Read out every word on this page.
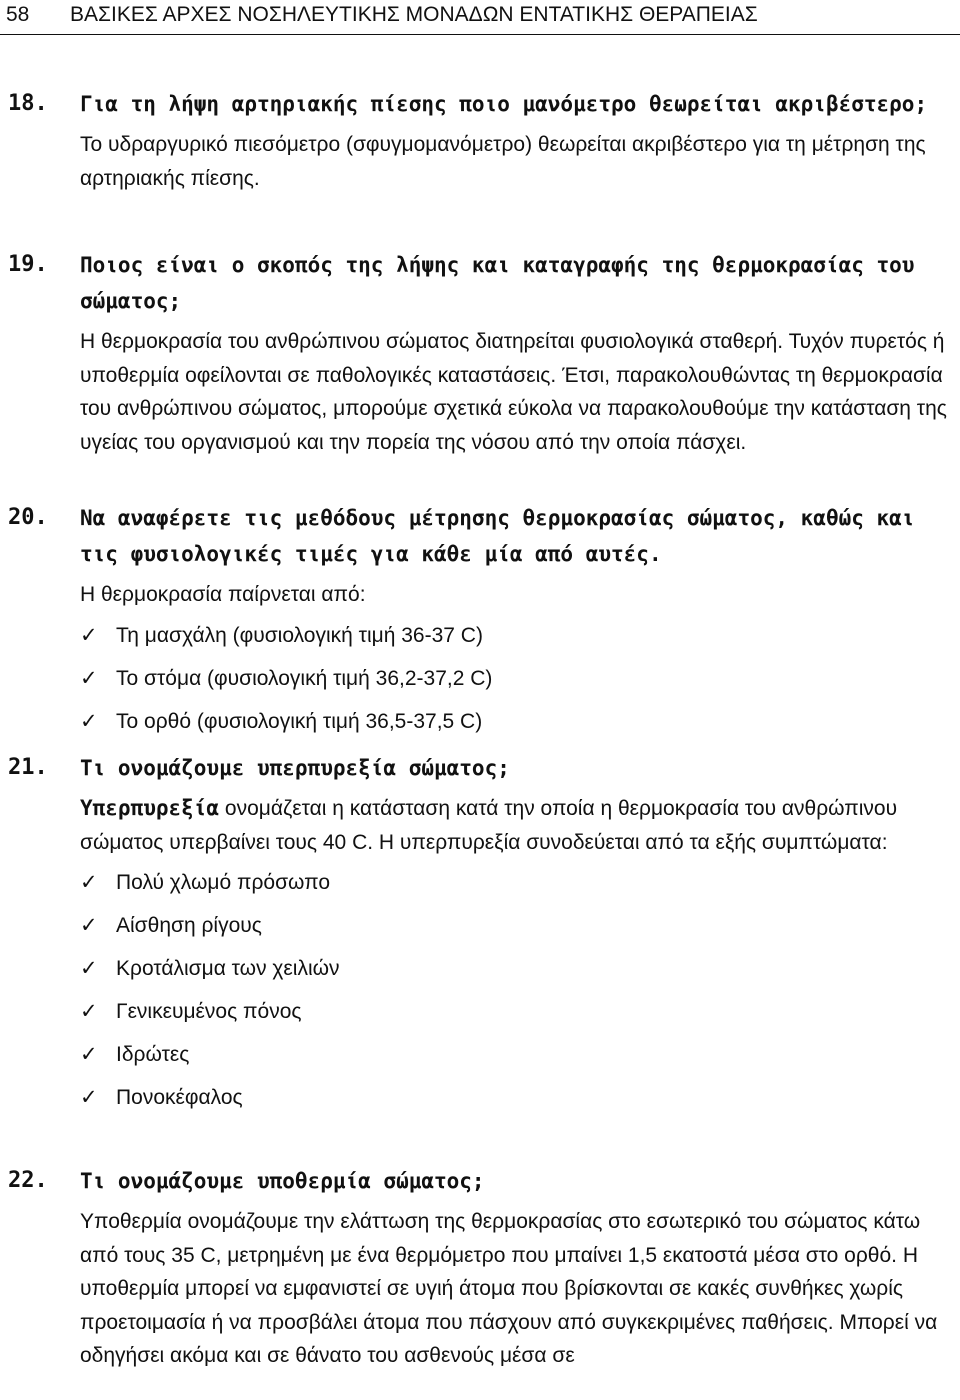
58 ΒΑΣΙΚΕΣ ΑΡΧΕΣ ΝΟΣΗΛΕΥΤΙΚΗΣ ΜΟΝΑΔΩΝ ΕΝΤΑΤΙΚΗΣ ΘΕΡΑΠΕΙΑΣ
18. Για τη λήψη αρτηριακής πίεσης ποιο μανόμετρο θεωρείται ακριβέστερο;
Το υδραργυρικό πιεσόμετρο (σφυγμομανόμετρο) θεωρείται ακριβέστερο για τη μέτρηση της αρτηριακής πίεσης.
19. Ποιος είναι ο σκοπός της λήψης και καταγραφής της θερμοκρασίας του σώματος;
Η θερμοκρασία του ανθρώπινου σώματος διατηρείται φυσιολογικά σταθερή. Τυχόν πυρετός ή υποθερμία οφείλονται σε παθολογικές καταστάσεις. Έτσι, παρακολουθώντας τη θερμοκρασία του ανθρώπινου σώματος, μπορούμε σχετικά εύκολα να παρακολουθούμε την κατάσταση της υγείας του οργανισμού και την πορεία της νόσου από την οποία πάσχει.
20. Να αναφέρετε τις μεθόδους μέτρησης θερμοκρασίας σώματος, καθώς και τις φυσιολογικές τιμές για κάθε μία από αυτές.
Η θερμοκρασία παίρνεται από:
✓ Τη μασχάλη (φυσιολογική τιμή 36-37 C)
✓ Το στόμα (φυσιολογική τιμή 36,2-37,2 C)
✓ Το ορθό (φυσιολογική τιμή 36,5-37,5 C)
21. Τι ονομάζουμε υπερπυρεξία σώματος;
Υπερπυρεξία ονομάζεται η κατάσταση κατά την οποία η θερμοκρασία του ανθρώπινου σώματος υπερβαίνει τους 40 C. Η υπερπυρεξία συνοδεύεται από τα εξής συμπτώματα:
✓ Πολύ χλωμό πρόσωπο
✓ Αίσθηση ρίγους
✓ Κροτάλισμα των χειλιών
✓ Γενικευμένος πόνος
✓ Ιδρώτες
✓ Πονοκέφαλος
22. Τι ονομάζουμε υποθερμία σώματος;
Υποθερμία ονομάζουμε την ελάττωση της θερμοκρασίας στο εσωτερικό του σώματος κάτω από τους 35 C, μετρημένη με ένα θερμόμετρο που μπαίνει 1,5 εκατοστά μέσα στο ορθό. Η υποθερμία μπορεί να εμφανιστεί σε υγιή άτομα που βρίσκονται σε κακές συνθήκες χωρίς προετοιμασία ή να προσβάλει άτομα που πάσχουν από συγκεκριμένες παθήσεις. Μπορεί να οδηγήσει ακόμα και σε θάνατο του ασθενούς μέσα σε
